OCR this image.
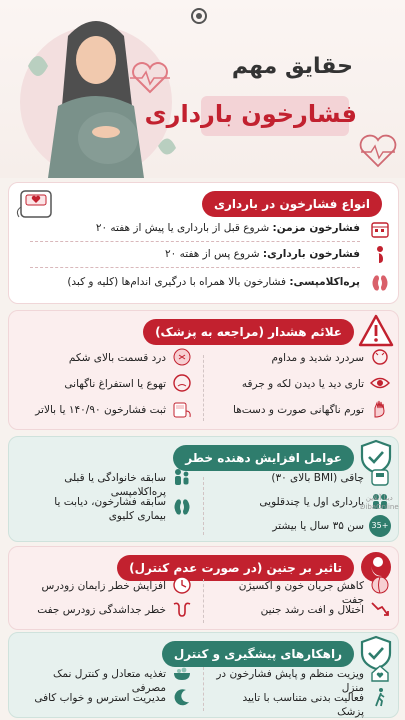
حقایق مهم
فشارخون بارداری
انواع فشارخون در بارداری
فشارخون مزمن: شروع قبل از بارداری یا پیش از هفته ۲۰
فشارخون بارداری: شروع پس از هفته ۲۰
پره‌اکلامپسی: فشارخون بالا همراه با درگیری اندام‌ها (کلیه و کبد)
علائم هشدار (مراجعه به پزشک)
سردرد شدید و مداوم
تاری دید یا دیدن لکه و جرقه
تورم ناگهانی صورت و دست‌ها
درد قسمت بالای شکم
تهوع یا استفراغ ناگهانی
ثبت فشارخون ۱۴۰/۹۰ یا بالاتر
عوامل افزایش دهنده خطر
چاقی (BMI بالای ۳۰)
بارداری اول یا چندقلویی
35+
سن ۳۵ سال یا بیشتر
سابقه خانوادگی یا قبلی پره‌اکلامپسی
سابقه فشارخون، دیابت یا بیماری کلیوی
دیبا آنلاین
DibaOnline
تاثیر بر جنین (در صورت عدم کنترل)
کاهش جریان خون و اکسیژن جفت
اختلال و افت رشد جنین
افزایش خطر زایمان زودرس
خطر جداشدگی زودرس جفت
راهکارهای پیشگیری و کنترل
ویزیت منظم و پایش فشارخون در منزل
فعالیت بدنی متناسب با تایید پزشک
تغذیه متعادل و کنترل نمک مصرفی
مدیریت استرس و خواب کافی
